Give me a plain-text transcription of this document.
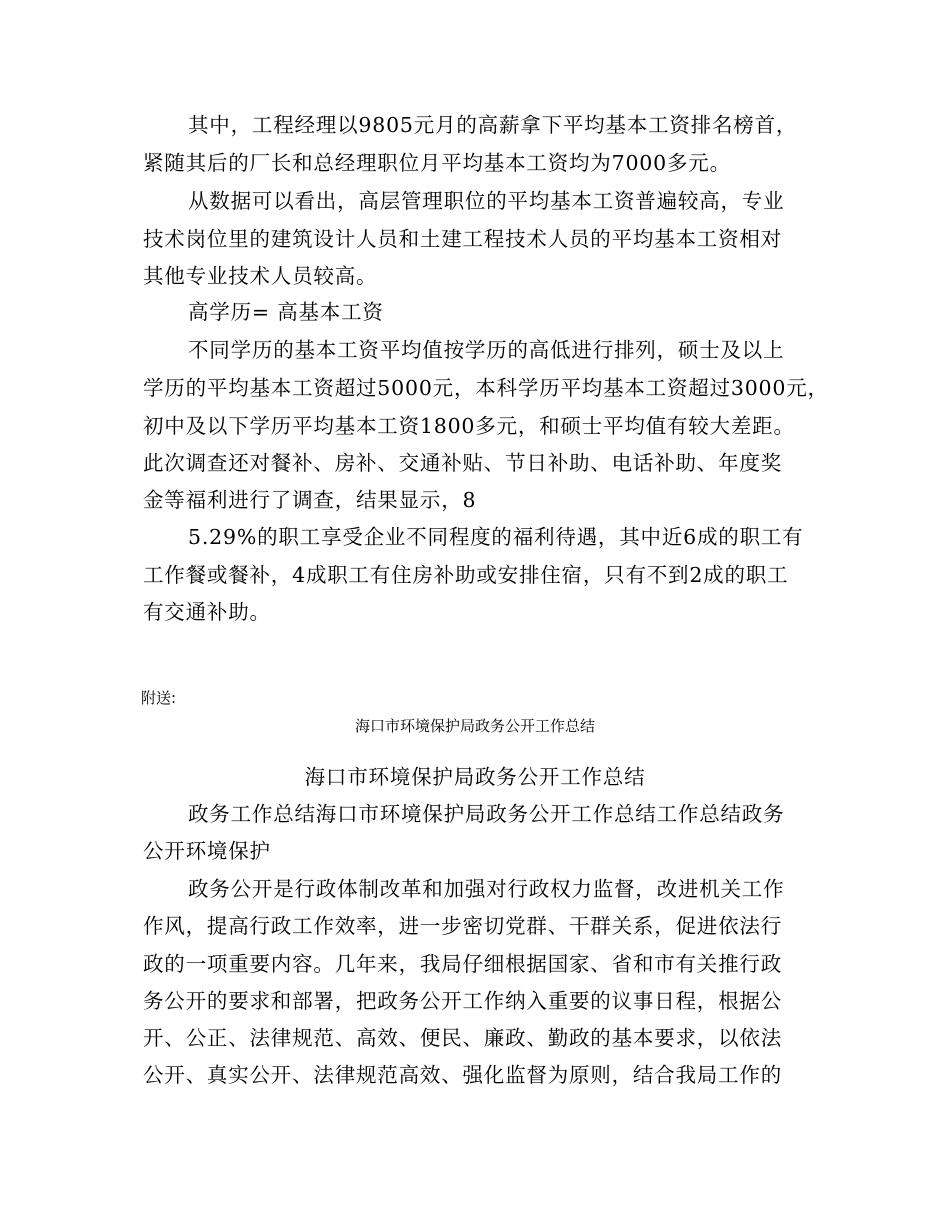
其中，工程经理以9805元月的高薪拿下平均基本工资排名榜首，
紧随其后的厂长和总经理职位月平均基本工资均为7000多元。
从数据可以看出，高层管理职位的平均基本工资普遍较高，专业
技术岗位里的建筑设计人员和土建工程技术人员的平均基本工资相对
其他专业技术人员较高。
高学历= 高基本工资
不同学历的基本工资平均值按学历的高低进行排列，硕士及以上
学历的平均基本工资超过5000元，本科学历平均基本工资超过3000元，
初中及以下学历平均基本工资1800多元，和硕士平均值有较大差距。
此次调查还对餐补、房补、交通补贴、节日补助、电话补助、年度奖
金等福利进行了调查，结果显示，8
5.29%的职工享受企业不同程度的福利待遇，其中近6成的职工有
工作餐或餐补，4成职工有住房补助或安排住宿，只有不到2成的职工
有交通补助。
附送:
海口市环境保护局政务公开工作总结
海口市环境保护局政务公开工作总结
政务工作总结海口市环境保护局政务公开工作总结工作总结政务
公开环境保护
政务公开是行政体制改革和加强对行政权力监督，改进机关工作
作风，提高行政工作效率，进一步密切党群、干群关系，促进依法行
政的一项重要内容。几年来，我局仔细根据国家、省和市有关推行政
务公开的要求和部署，把政务公开工作纳入重要的议事日程，根据公
开、公正、法律规范、高效、便民、廉政、勤政的基本要求，以依法
公开、真实公开、法律规范高效、强化监督为原则，结合我局工作的
